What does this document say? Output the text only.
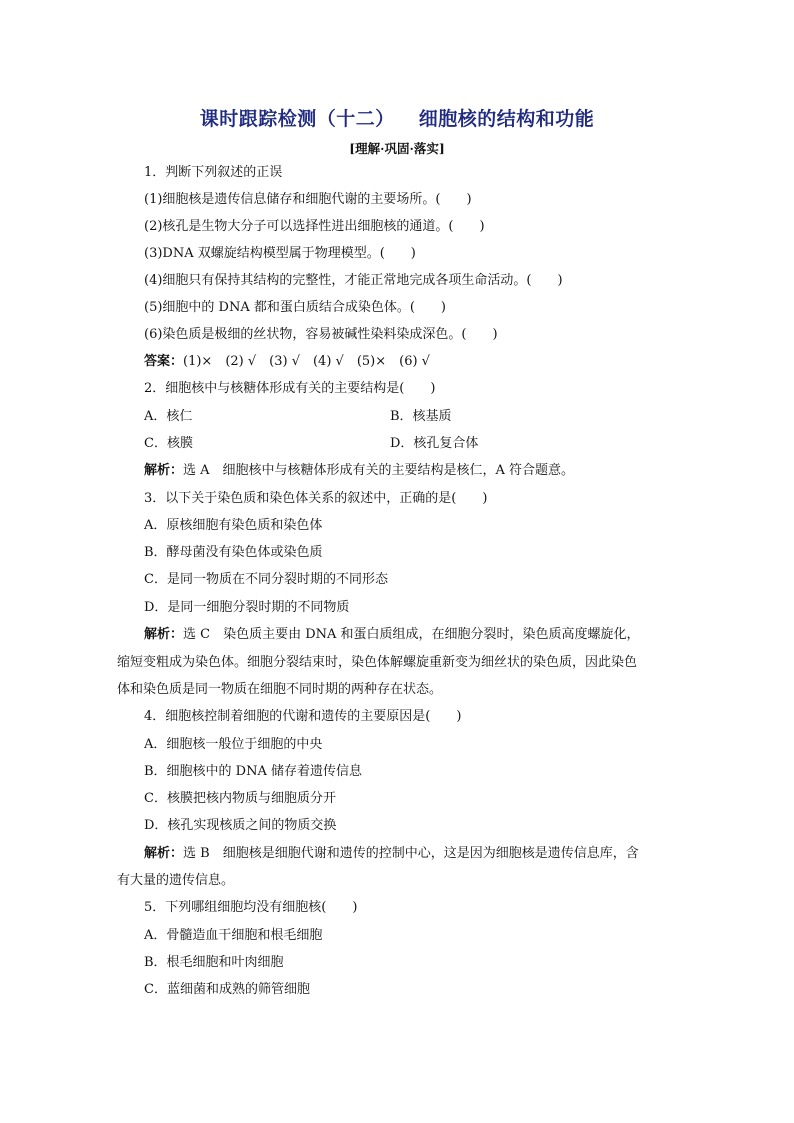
课时跟踪检测（十二） 细胞核的结构和功能
[理解·巩固·落实]
1．判断下列叙述的正误
(1)细胞核是遗传信息储存和细胞代谢的主要场所。(　　)
(2)核孔是生物大分子可以选择性进出细胞核的通道。(　　)
(3)DNA 双螺旋结构模型属于物理模型。(　　)
(4)细胞只有保持其结构的完整性，才能正常地完成各项生命活动。(　　)
(5)细胞中的 DNA 都和蛋白质结合成染色体。(　　)
(6)染色质是极细的丝状物，容易被碱性染料染成深色。(　　)
答案：(1)×　(2) √　(3) √　(4) √　(5)×　(6) √
2．细胞核中与核糖体形成有关的主要结构是(　　)
A．核仁	B．核基质
C．核膜	D．核孔复合体
解析：选 A　细胞核中与核糖体形成有关的主要结构是核仁，A 符合题意。
3．以下关于染色质和染色体关系的叙述中，正确的是(　　)
A．原核细胞有染色质和染色体
B．酵母菌没有染色体或染色质
C．是同一物质在不同分裂时期的不同形态
D．是同一细胞分裂时期的不同物质
解析：选 C　染色质主要由 DNA 和蛋白质组成，在细胞分裂时，染色质高度螺旋化，
缩短变粗成为染色体。细胞分裂结束时，染色体解螺旋重新变为细丝状的染色质，因此染色
体和染色质是同一物质在细胞不同时期的两种存在状态。
4．细胞核控制着细胞的代谢和遗传的主要原因是(　　)
A．细胞核一般位于细胞的中央
B．细胞核中的 DNA 储存着遗传信息
C．核膜把核内物质与细胞质分开
D．核孔实现核质之间的物质交换
解析：选 B　细胞核是细胞代谢和遗传的控制中心，这是因为细胞核是遗传信息库，含
有大量的遗传信息。
5．下列哪组细胞均没有细胞核(　　)
A．骨髓造血干细胞和根毛细胞
B．根毛细胞和叶肉细胞
C．蓝细菌和成熟的筛管细胞
